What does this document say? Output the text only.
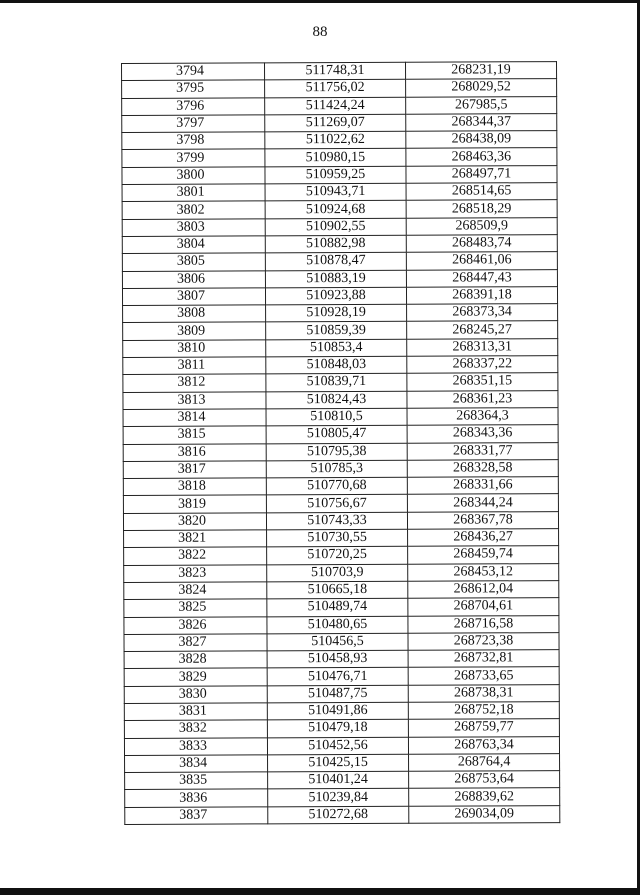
88
3794	511748,31	268231,19
3795	511756,02	268029,52
3796	511424,24	267985,5
3797	511269,07	268344,37
3798	511022,62	268438,09
3799	510980,15	268463,36
3800	510959,25	268497,71
3801	510943,71	268514,65
3802	510924,68	268518,29
3803	510902,55	268509,9
3804	510882,98	268483,74
3805	510878,47	268461,06
3806	510883,19	268447,43
3807	510923,88	268391,18
3808	510928,19	268373,34
3809	510859,39	268245,27
3810	510853,4	268313,31
3811	510848,03	268337,22
3812	510839,71	268351,15
3813	510824,43	268361,23
3814	510810,5	268364,3
3815	510805,47	268343,36
3816	510795,38	268331,77
3817	510785,3	268328,58
3818	510770,68	268331,66
3819	510756,67	268344,24
3820	510743,33	268367,78
3821	510730,55	268436,27
3822	510720,25	268459,74
3823	510703,9	268453,12
3824	510665,18	268612,04
3825	510489,74	268704,61
3826	510480,65	268716,58
3827	510456,5	268723,38
3828	510458,93	268732,81
3829	510476,71	268733,65
3830	510487,75	268738,31
3831	510491,86	268752,18
3832	510479,18	268759,77
3833	510452,56	268763,34
3834	510425,15	268764,4
3835	510401,24	268753,64
3836	510239,84	268839,62
3837	510272,68	269034,09
